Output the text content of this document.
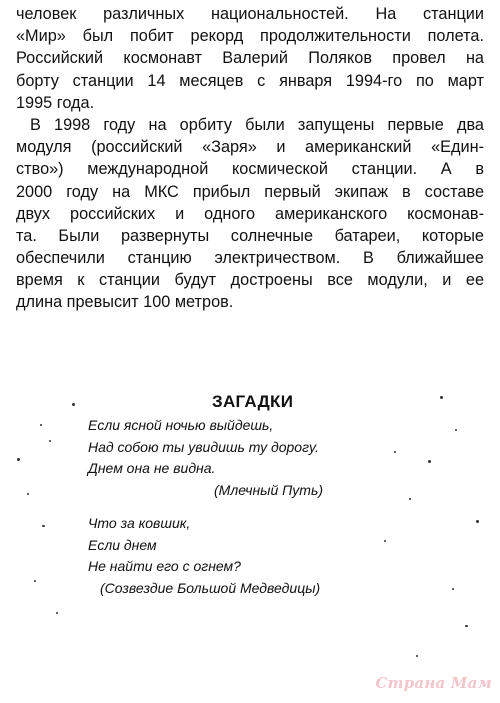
человек различных национальностей. На станции
«Мир» был побит рекорд продолжительности полета.
Российский космонавт Валерий Поляков провел на
борту станции 14 месяцев с января 1994-го по март
1995 года.
В 1998 году на орбиту были запущены первые два
модуля (российский «Заря» и американский «Един-
ство») международной космической станции. А в
2000 году на МКС прибыл первый экипаж в составе
двух российских и одного американского космонав-
та. Были развернуты солнечные батареи, которые
обеспечили станцию электричеством. В ближайшее
время к станции будут достроены все модули, и ее
длина превысит 100 метров.
ЗАГАДКИ
Если ясной ночью выйдешь,
Над собою ты увидишь ту дорогу.
Днем она не видна.
(Млечный Путь)
Что за ковшик,
Если днем
Не найти его с огнем?
(Созвездие Большой Медведицы)
Страна Мам
